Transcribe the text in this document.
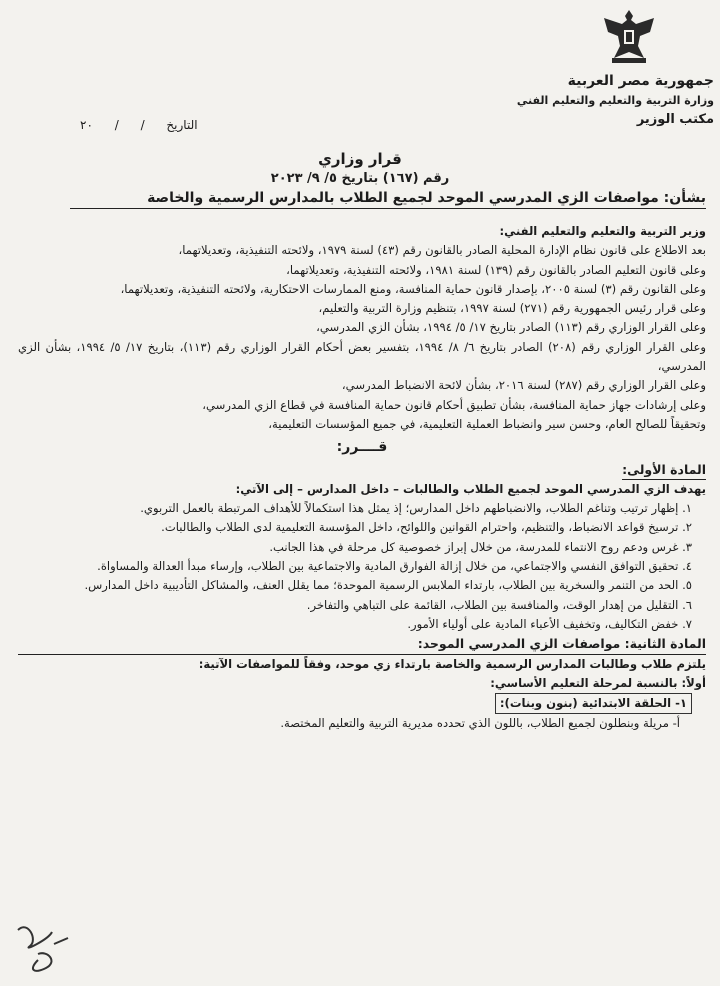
جمهورية مصر العربية
وزارة التربية والتعليم والتعليم الفني
مكتب الوزير
التاريخ / / ٢٠
قرار وزاري
رقم (١٦٧) بتاريخ ٥/ ٩/ ٢٠٢٣
بشأن: مواصفات الزي المدرسي الموحد لجميع الطلاب بالمدارس الرسمية والخاصة

وزير التربية والتعليم والتعليم الفني:

بعد الاطلاع على قانون نظام الإدارة المحلية الصادر بالقانون رقم (٤٣) لسنة ١٩٧٩، ولائحته التنفيذية، وتعديلاتهما،

وعلى قانون التعليم الصادر بالقانون رقم (١٣٩) لسنة ١٩٨١، ولائحته التنفيذية، وتعديلاتهما،

وعلى القانون رقم (٣) لسنة ٢٠٠٥، بإصدار قانون حماية المنافسة، ومنع الممارسات الاحتكارية، ولائحته التنفيذية، وتعديلاتهما،

وعلى قرار رئيس الجمهورية رقم (٢٧١) لسنة ١٩٩٧، بتنظيم وزارة التربية والتعليم،

وعلى القرار الوزاري رقم (١١٣) الصادر بتاريخ ١٧/ ٥/ ١٩٩٤، بشأن الزي المدرسي،

وعلى القرار الوزاري رقم (٢٠٨) الصادر بتاريخ ٦/ ٨/ ١٩٩٤، بتفسير بعض أحكام القرار الوزاري رقم (١١٣)، بتاريخ ١٧/ ٥/ ١٩٩٤، بشأن الزي المدرسي،

وعلى القرار الوزاري رقم (٢٨٧) لسنة ٢٠١٦، بشأن لائحة الانضباط المدرسي،

وعلى إرشادات جهاز حماية المنافسة، بشأن تطبيق أحكام قانون حماية المنافسة في قطاع الزي المدرسي،

وتحقيقاً للصالح العام، وحسن سير وانضباط العملية التعليمية، في جميع المؤسسات التعليمية،

قــــرر:
المادة الأولى:

يهدف الزي المدرسي الموحد لجميع الطلاب والطالبات – داخل المدارس – إلى الآتي:

١. إظهار ترتيب وتناغم الطلاب، والانضباطهم داخل المدارس؛ إذ يمثل هذا استكمالاً للأهداف المرتبطة بالعمل التربوي.

٢. ترسيخ قواعد الانضباط، والتنظيم، واحترام القوانين واللوائح، داخل المؤسسة التعليمية لدى الطلاب والطالبات.

٣. غرس ودعم روح الانتماء للمدرسة، من خلال إبراز خصوصية كل مرحلة في هذا الجانب.

٤. تحقيق التوافق النفسي والاجتماعي، من خلال إزالة الفوارق المادية والاجتماعية بين الطلاب، وإرساء مبدأ العدالة والمساواة.

٥. الحد من التنمر والسخرية بين الطلاب، بارتداء الملابس الرسمية الموحدة؛ مما يقلل العنف، والمشاكل التأديبية داخل المدارس.

٦. التقليل من إهدار الوقت، والمنافسة بين الطلاب، القائمة على التباهي والتفاخر.

٧. خفض التكاليف، وتخفيف الأعباء المادية على أولياء الأمور.

المادة الثانية: مواصفات الزي المدرسي الموحد:

يلتزم طلاب وطالبات المدارس الرسمية والخاصة بارتداء زي موحد، وفقاً للمواصفات الآتية:

أولاً: بالنسبة لمرحلة التعليم الأساسي:

١- الحلقة الابتدائية (بنون وبنات):

أ- مريلة وبنطلون لجميع الطلاب، باللون الذي تحدده مديرية التربية والتعليم المختصة.
